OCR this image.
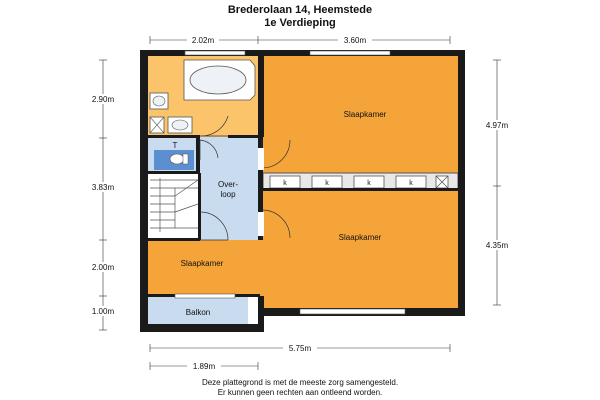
Brederolaan 14, Heemstede
1e Verdieping
Slaapkamer
Slaapkamer
Slaapkamer
Over-
loop
T
Balkon
k	k	k	k
2.02m	3.60m
2.90m
3.83m
2.00m
1.00m
4.97m
4.35m
5.75m
1.89m
Deze plattegrond is met de meeste zorg samengesteld.
Er kunnen geen rechten aan ontleend worden.
